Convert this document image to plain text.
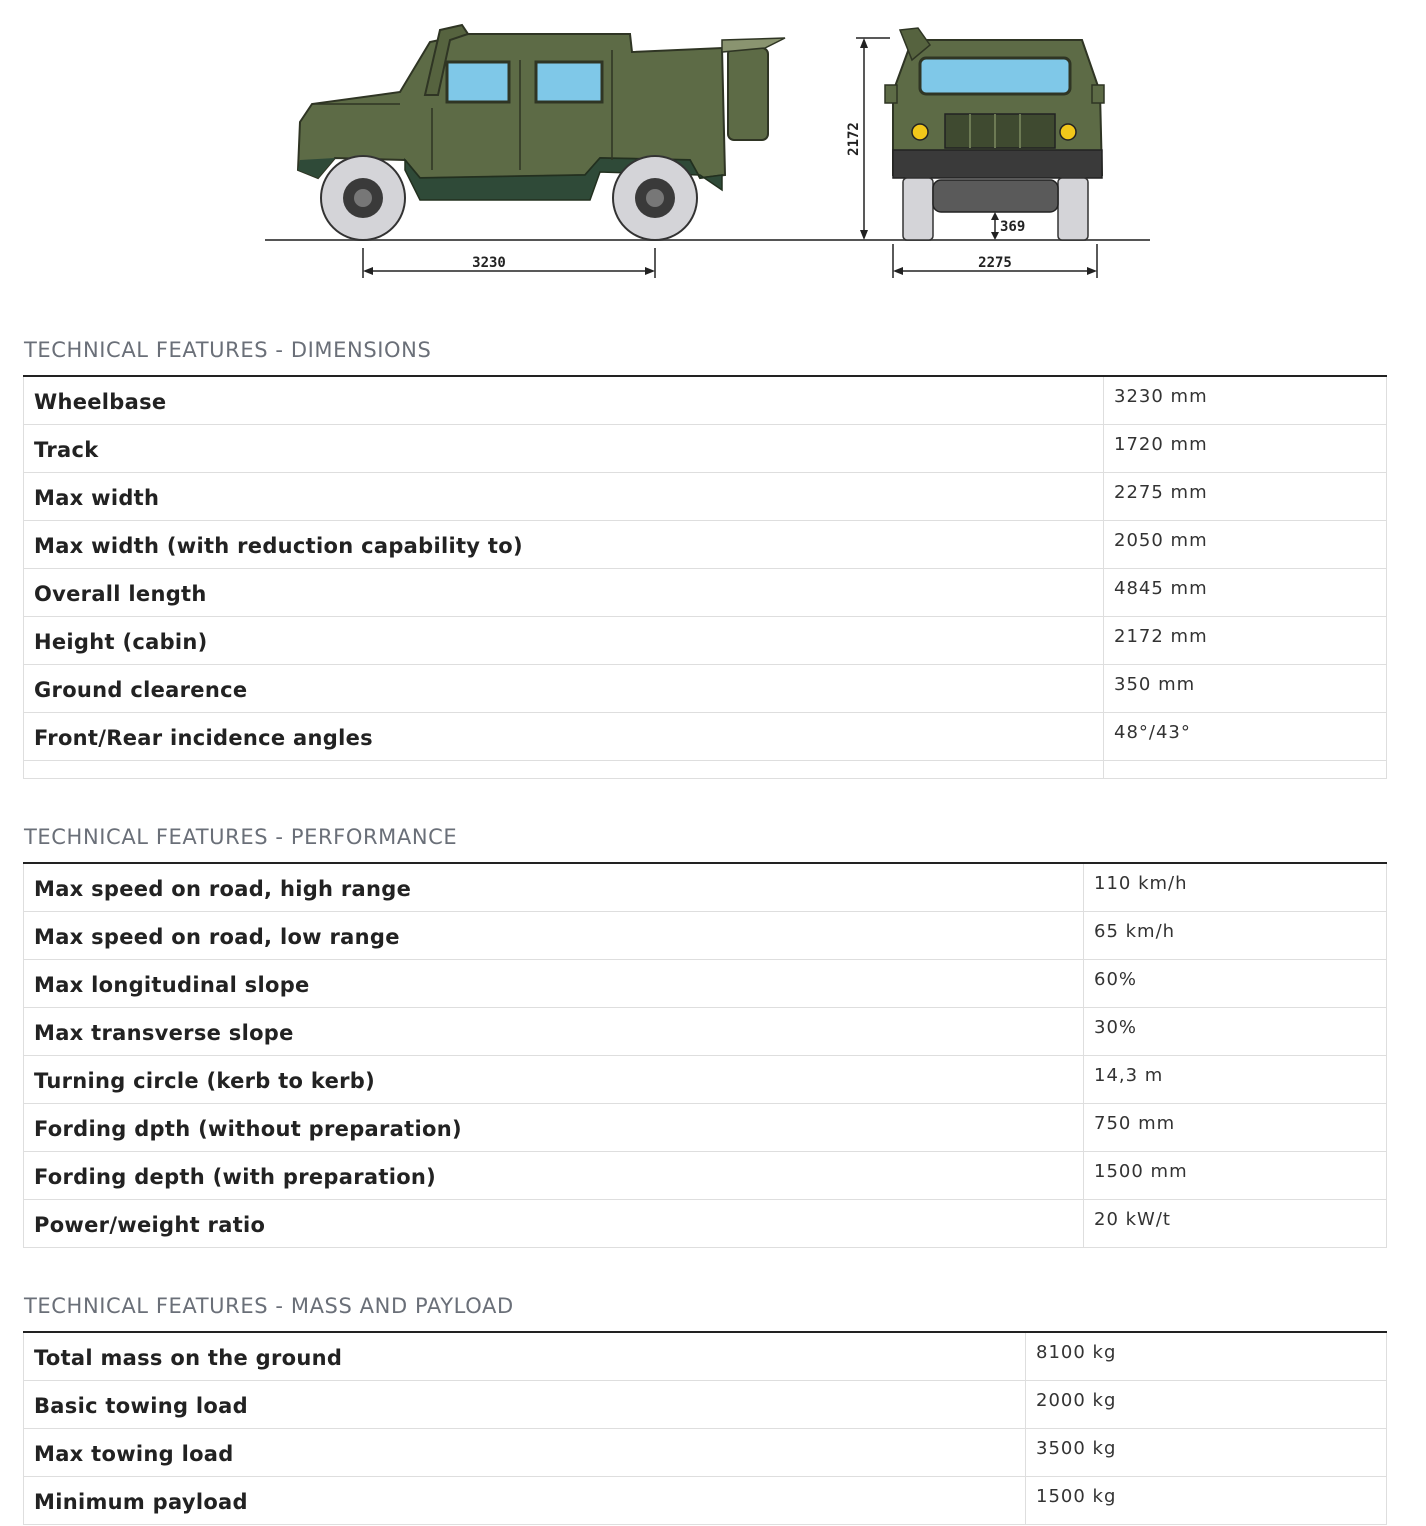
3230
2172
369
2275
TECHNICAL FEATURES - DIMENSIONS
Wheelbase	3230 mm
Track	1720 mm
Max width	2275 mm
Max width (with reduction capability to)	2050 mm
Overall length	4845 mm
Height (cabin)	2172 mm
Ground clearence	350 mm
Front/Rear incidence angles	48°/43°

TECHNICAL FEATURES - PERFORMANCE
Max speed on road, high range	110 km/h
Max speed on road, low range	65 km/h
Max longitudinal slope	60%
Max transverse slope	30%
Turning circle (kerb to kerb)	14,3 m
Fording dpth (without preparation)	750 mm
Fording depth (with preparation)	1500 mm
Power/weight ratio	20 kW/t
TECHNICAL FEATURES - MASS AND PAYLOAD
Total mass on the ground	8100 kg
Basic towing load	2000 kg
Max towing load	3500 kg
Minimum payload	1500 kg
